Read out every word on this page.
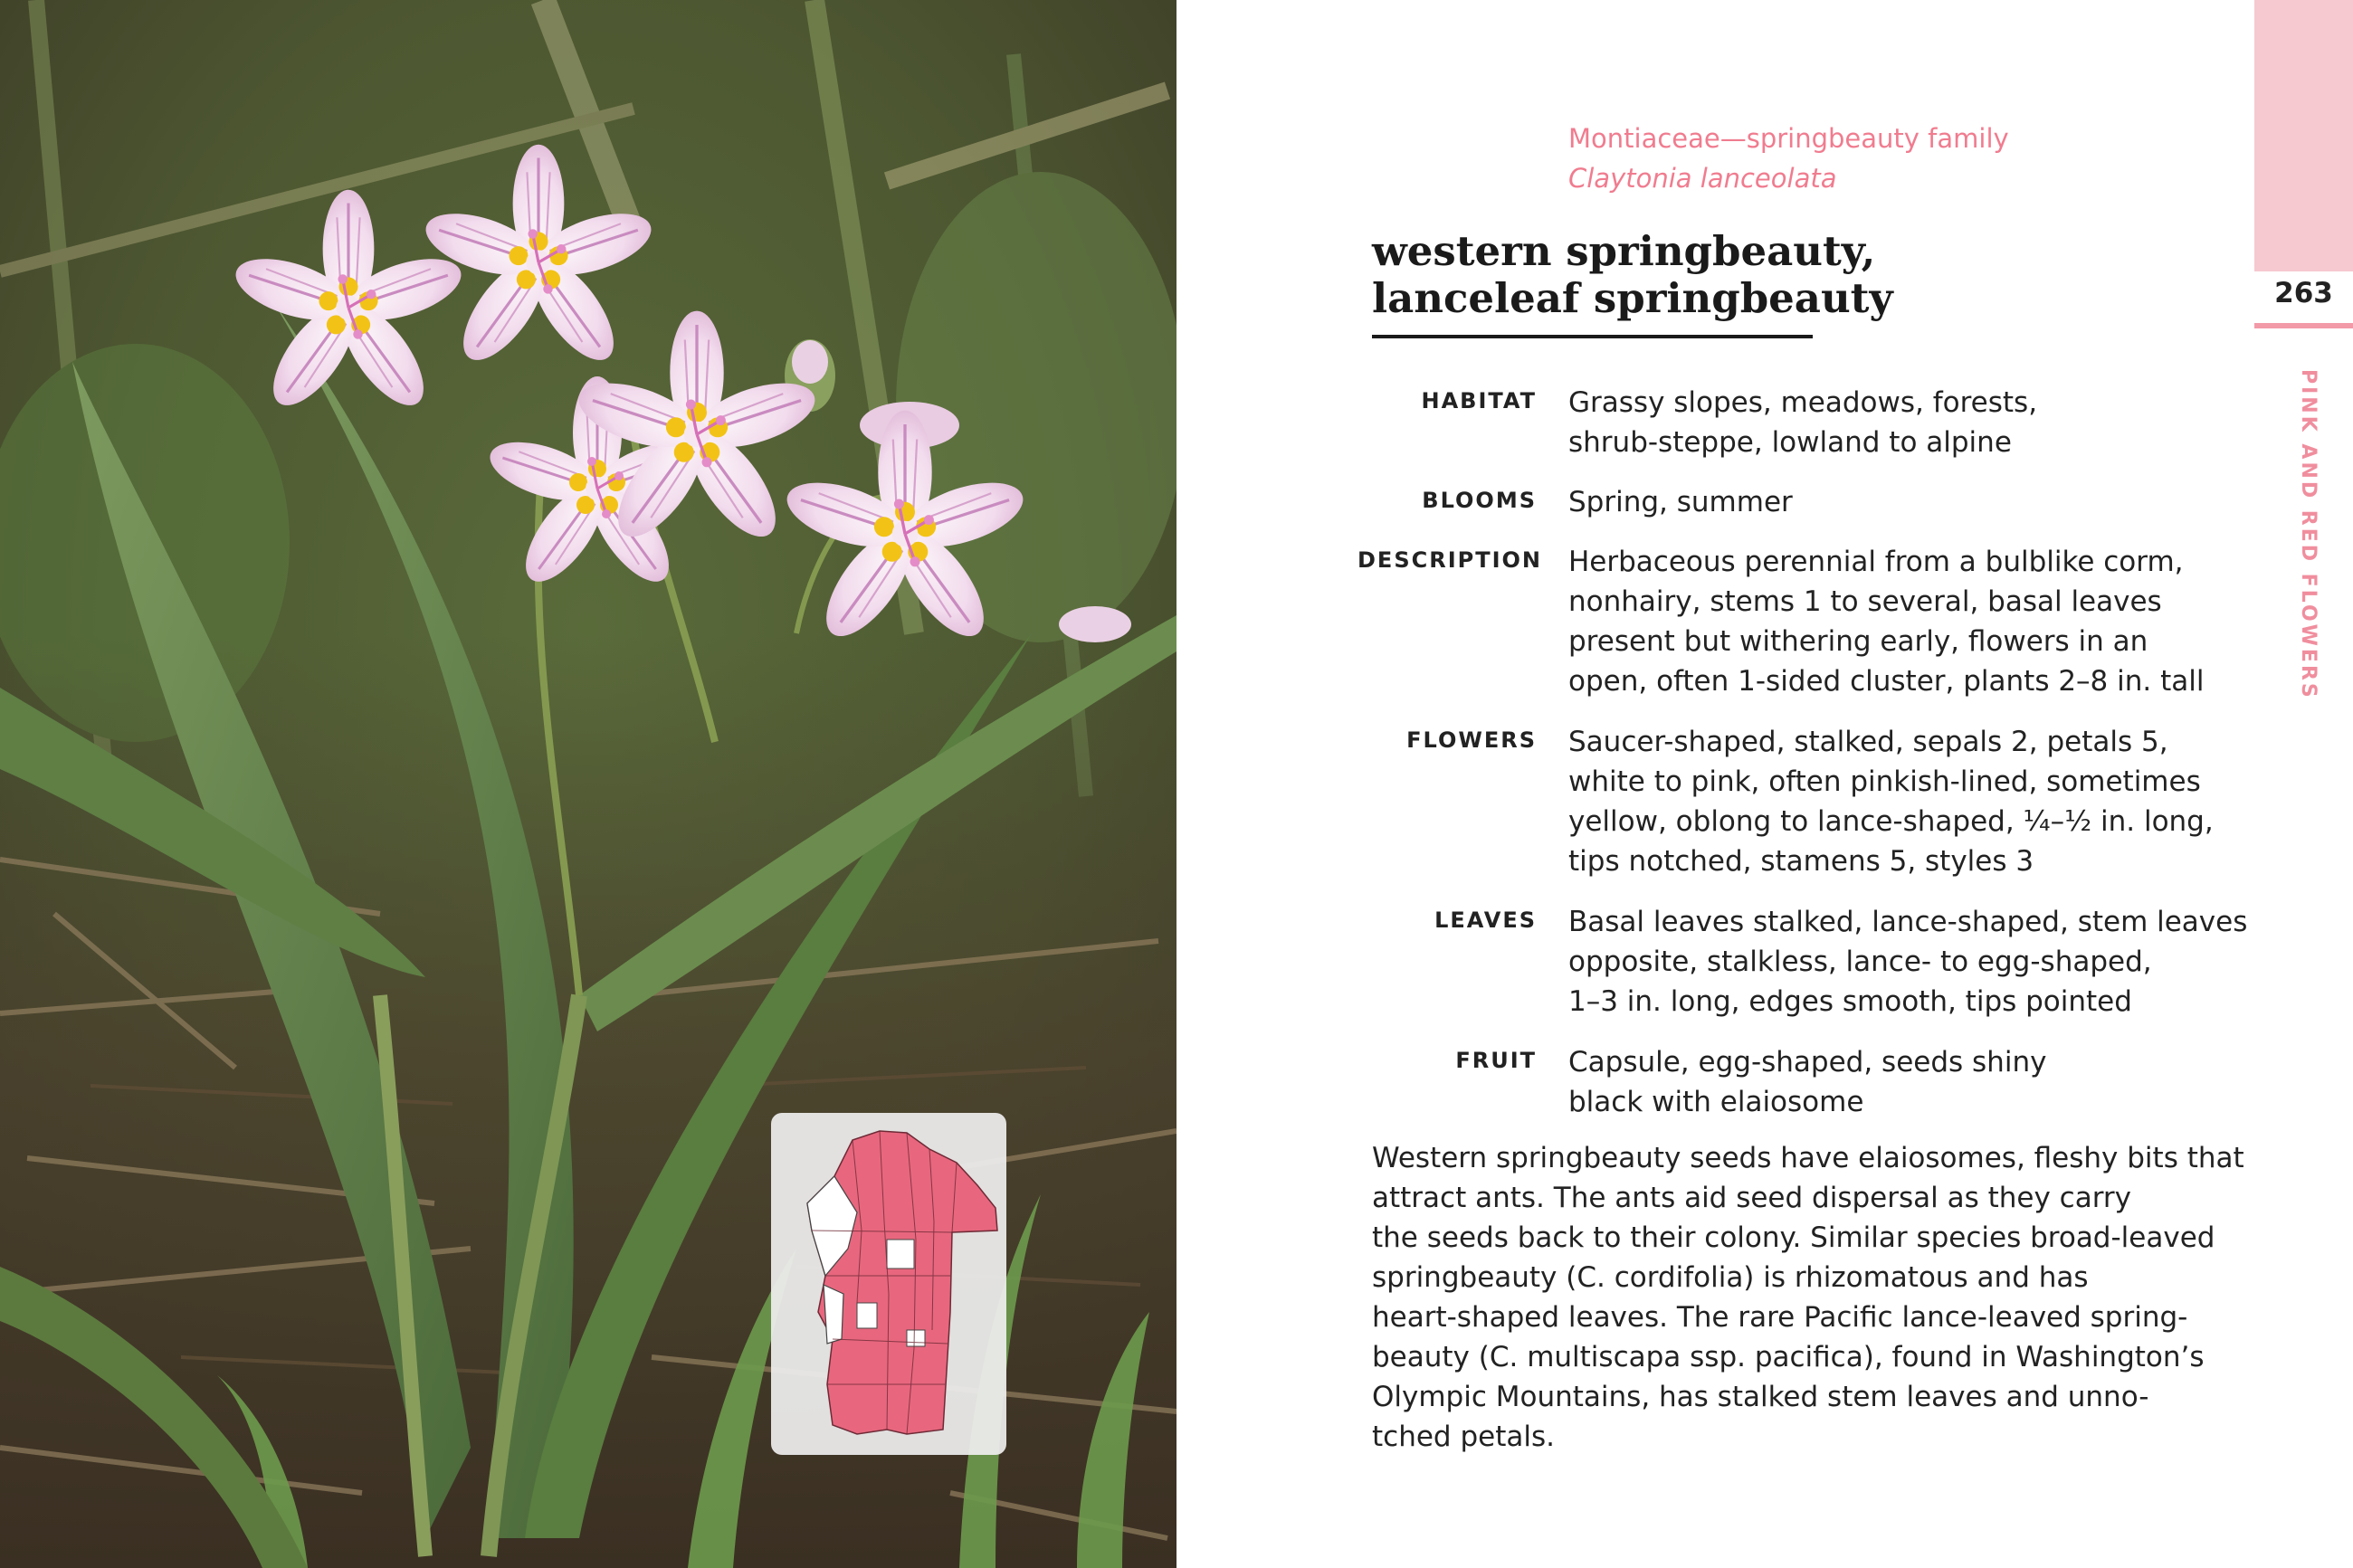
263
PINK AND RED FLOWERS
Montiaceae—springbeauty family
Claytonia lanceolata
western springbeauty,
lanceleaf springbeauty
HABITAT Grassy slopes, meadows, forests,
shrub-steppe, lowland to alpine
BLOOMS Spring, summer
DESCRIPTION Herbaceous perennial from a bulblike corm,
nonhairy, stems 1 to several, basal leaves
present but withering early, flowers in an
open, often 1-sided cluster, plants 2–8 in. tall
FLOWERS Saucer-shaped, stalked, sepals 2, petals 5,
white to pink, often pinkish-lined, sometimes
yellow, oblong to lance-shaped, ¼–½ in. long,
tips notched, stamens 5, styles 3
LEAVES Basal leaves stalked, lance-shaped, stem leaves
opposite, stalkless, lance- to egg-shaped,
1–3 in. long, edges smooth, tips pointed
FRUIT Capsule, egg-shaped, seeds shiny
black with elaiosome
Western springbeauty seeds have elaiosomes, fleshy bits that
attract ants. The ants aid seed dispersal as they carry
the seeds back to their colony. Similar species broad-leaved
springbeauty (C. cordifolia) is rhizomatous and has
heart-shaped leaves. The rare Pacific lance-leaved spring-
beauty (C. multiscapa ssp. pacifica), found in Washington’s
Olympic Mountains, has stalked stem leaves and unno-
tched petals.
